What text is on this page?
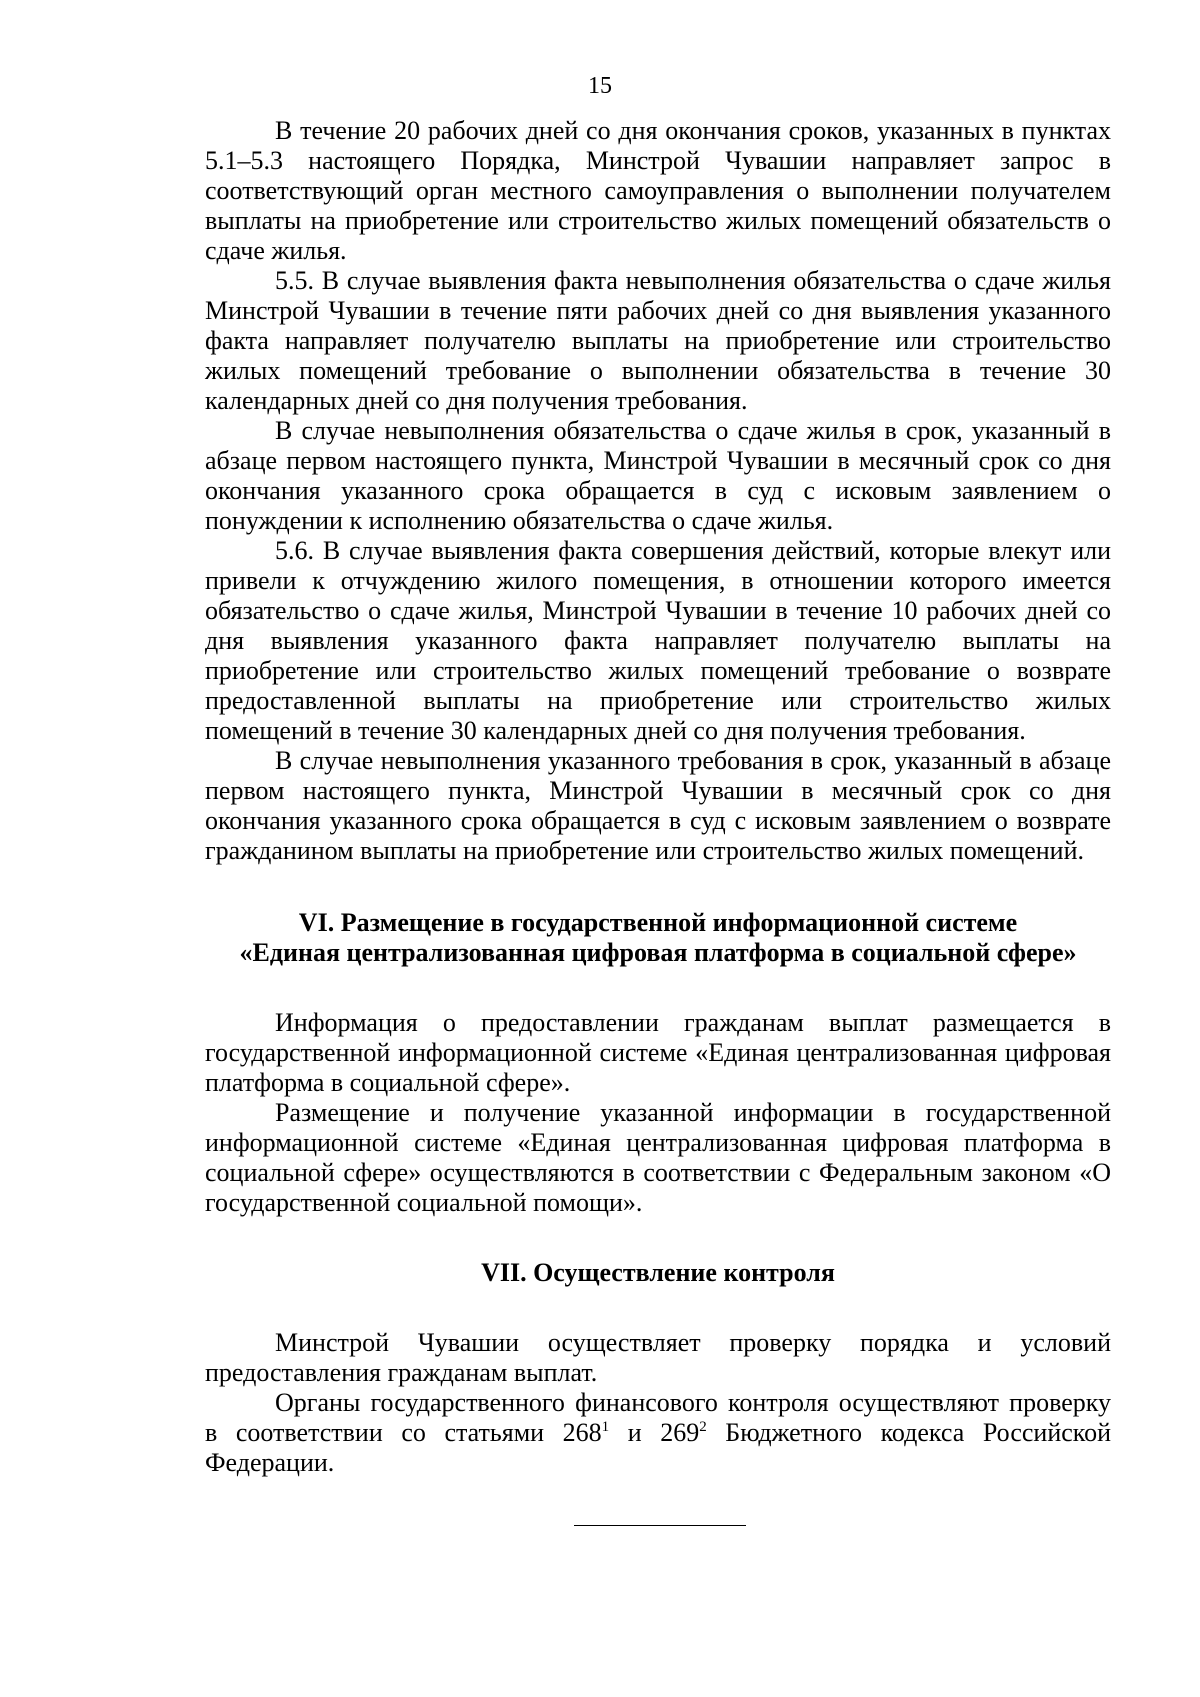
15

В течение 20 рабочих дней со дня окончания сроков, указанных в пунктах 5.1–5.3 настоящего Порядка, Минстрой Чувашии направляет запрос в соответствующий орган местного самоуправления о выполнении получателем выплаты на приобретение или строительство жилых помещений обязательств о сдаче жилья.

5.5. В случае выявления факта невыполнения обязательства о сдаче жилья Минстрой Чувашии в течение пяти рабочих дней со дня выявления указанного факта направляет получателю выплаты на приобретение или строительство жилых помещений требование о выполнении обязательства в течение 30 календарных дней со дня получения требования.

В случае невыполнения обязательства о сдаче жилья в срок, указанный в абзаце первом настоящего пункта, Минстрой Чувашии в месячный срок со дня окончания указанного срока обращается в суд с исковым заявлением о понуждении к исполнению обязательства о сдаче жилья.

5.6. В случае выявления факта совершения действий, которые влекут или привели к отчуждению жилого помещения, в отношении которого имеется обязательство о сдаче жилья, Минстрой Чувашии в течение 10 рабочих дней со дня выявления указанного факта направляет получателю выплаты на приобретение или строительство жилых помещений требование о возврате предоставленной выплаты на приобретение или строительство жилых помещений в течение 30 календарных дней со дня получения требования.

В случае невыполнения указанного требования в срок, указанный в абзаце первом настоящего пункта, Минстрой Чувашии в месячный срок со дня окончания указанного срока обращается в суд с исковым заявлением о возврате гражданином выплаты на приобретение или строительство жилых помещений.

VI. Размещение в государственной информационной системе
«Единая централизованная цифровая платформа в социальной сфере»

Информация о предоставлении гражданам выплат размещается в государственной информационной системе «Единая централизованная цифровая платформа в социальной сфере».

Размещение и получение указанной информации в государственной информационной системе «Единая централизованная цифровая платформа в социальной сфере» осуществляются в соответствии с Федеральным законом «О государственной социальной помощи».

VII. Осуществление контроля

Минстрой Чувашии осуществляет проверку порядка и условий предоставления гражданам выплат.

Органы государственного финансового контроля осуществляют проверку в соответствии со статьями $268^1$ и $269^2$ Бюджетного кодекса Российской Федерации.
